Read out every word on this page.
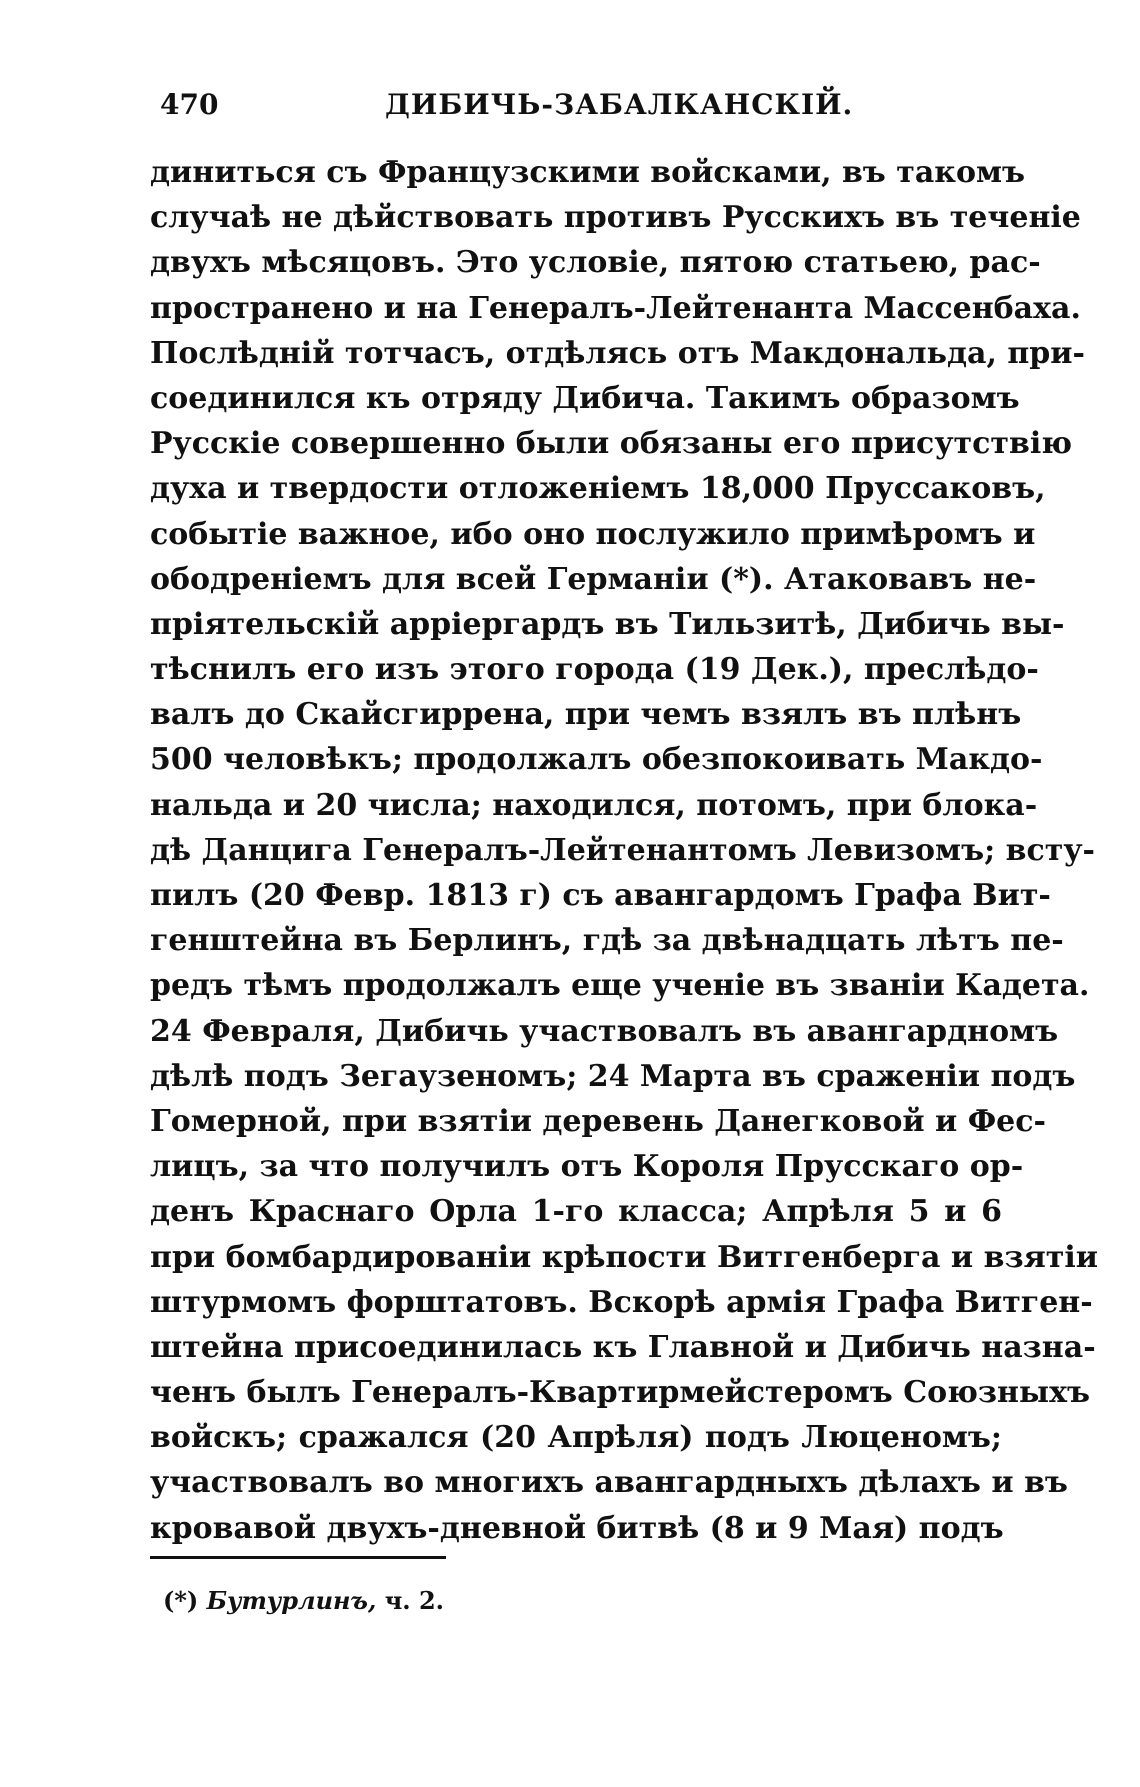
470	ДИБИЧЬ-ЗАБАЛКАНСКІЙ.
диниться съ Французскими войсками, въ такомъ
случаѣ не дѣйствовать противъ Русскихъ въ теченіе
двухъ мѣсяцовъ. Это условіе, пятою статьею, рас-
пространено и на Генералъ-Лейтенанта Массенбаха.
Послѣдній тотчасъ, отдѣлясь отъ Макдональда, при-
соединился къ отряду Дибича. Такимъ образомъ
Русскіе совершенно были обязаны его присутствію
духа и твердости отложеніемъ 18,000 Пруссаковъ,
событіе важное, ибо оно послужило примѣромъ и
ободреніемъ для всей Германіи (*). Атаковавъ не-
пріятельскій арріергардъ въ Тильзитѣ, Дибичь вы-
тѣснилъ его изъ этого города (19 Дек.), преслѣдо-
валъ до Скайсгиррена, при чемъ взялъ въ плѣнъ
500 человѣкъ; продолжалъ обезпокоивать Макдо-
нальда и 20 числа; находился, потомъ, при блока-
дѣ Данцига Генералъ-Лейтенантомъ Левизомъ; всту-
пилъ (20 Февр. 1813 г) съ авангардомъ Графа Вит-
генштейна въ Берлинъ, гдѣ за двѣнадцать лѣтъ пе-
редъ тѣмъ продолжалъ еще ученіе въ званіи Кадета.
24 Февраля, Дибичь участвовалъ въ авангардномъ
дѣлѣ подъ Зегаузеномъ; 24 Марта въ сраженіи подъ
Гомерной, при взятіи деревень Данегковой и Фес-
лицъ, за что получилъ отъ Короля Прусскаго ор-
денъ Краснаго Орла 1-го класса; Апрѣля 5 и 6
при бомбардированіи крѣпости Витгенберга и взятіи
штурмомъ форштатовъ. Вскорѣ армія Графа Витген-
штейна присоединилась къ Главной и Дибичь назна-
ченъ былъ Генералъ-Квартирмейстеромъ Союзныхъ
войскъ; сражался (20 Апрѣля) подъ Люценомъ;
участвовалъ во многихъ авангардныхъ дѣлахъ и въ
кровавой двухъ-дневной битвѣ (8 и 9 Мая) подъ
(*) Бутурлинъ, ч. 2.
